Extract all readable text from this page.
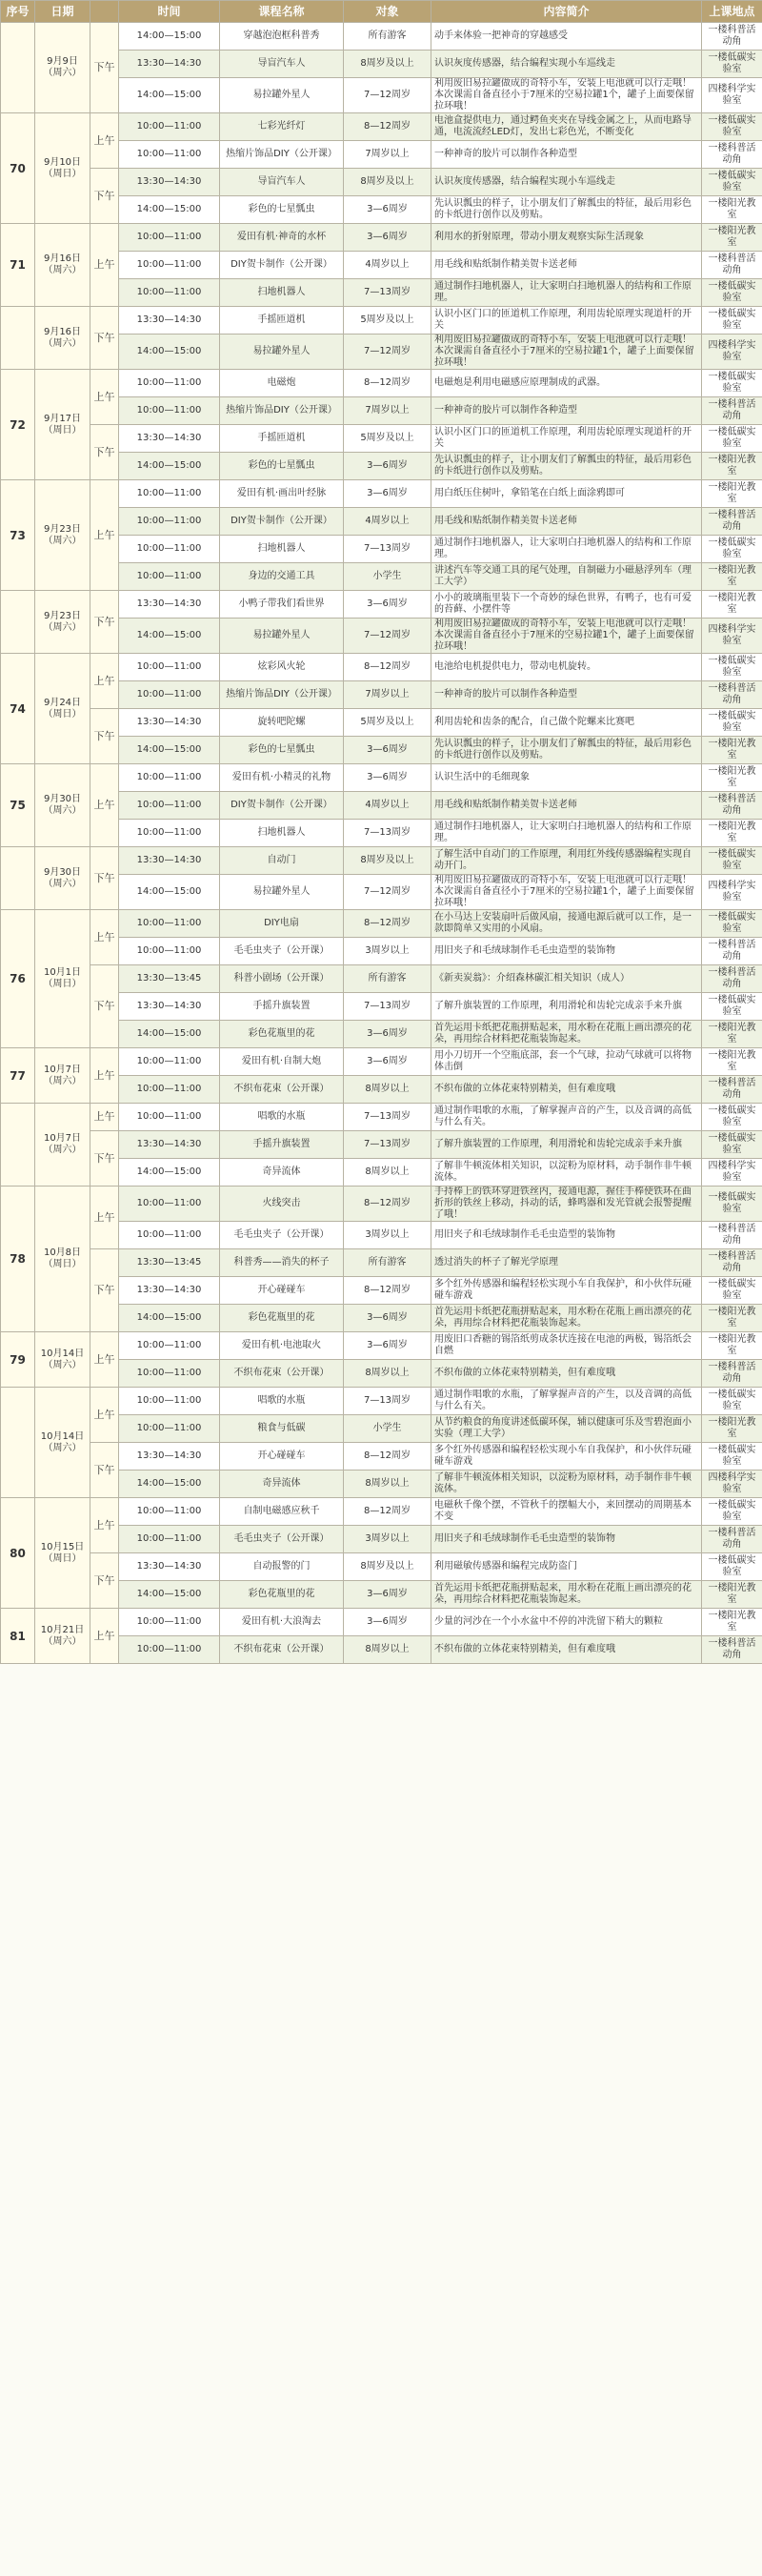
序号	日期		时间	课程名称	对象	内容简介	上课地点
	9月9日（周六）	下午	14:00—15:00	穿越泡泡框科普秀	所有游客	动手来体验一把神奇的穿越感受	一楼科普活动角
			13:30—14:30	导盲汽车人	8周岁及以上	认识灰度传感器，结合编程实现小车巡线走	一楼低碳实验室
			14:00—15:00	易拉罐外星人	7—12周岁	利用废旧易拉罐做成的奇特小车，安装上电池就可以行走哦！本次课需自备直径小于7厘米的空易拉罐1个，罐子上面要保留拉环哦！	四楼科学实验室
70	9月10日（周日）	上午	10:00—11:00	七彩光纤灯	8—12周岁	电池盒提供电力，通过鳄鱼夹夹在导线金属之上，从而电路导通，电流流经LED灯，发出七彩色光，不断变化	一楼低碳实验室
			10:00—11:00	热缩片饰品DIY（公开课）	7周岁以上	一种神奇的胶片可以制作各种造型	一楼科普活动角
		下午	13:30—14:30	导盲汽车人	8周岁及以上	认识灰度传感器，结合编程实现小车巡线走	一楼低碳实验室
			14:00—15:00	彩色的七星瓢虫	3—6周岁	先认识瓢虫的样子，让小朋友们了解瓢虫的特征，最后用彩色的卡纸进行创作以及剪贴。	一楼阳光教室
71	9月16日（周六）	上午	10:00—11:00	爱田有机·神奇的水杯	3—6周岁	利用水的折射原理，带动小朋友观察实际生活现象	一楼阳光教室
			10:00—11:00	DIY贺卡制作（公开课）	4周岁以上	用毛线和贴纸制作精美贺卡送老师	一楼科普活动角
			10:00—11:00	扫地机器人	7—13周岁	通过制作扫地机器人，让大家明白扫地机器人的结构和工作原理。	一楼低碳实验室
	9月16日（周六）	下午	13:30—14:30	手摇匝道机	5周岁及以上	认识小区门口的匝道机工作原理，利用齿轮原理实现道杆的开关	一楼低碳实验室
			14:00—15:00	易拉罐外星人	7—12周岁	利用废旧易拉罐做成的奇特小车，安装上电池就可以行走哦！本次课需自备直径小于7厘米的空易拉罐1个，罐子上面要保留拉环哦！	四楼科学实验室
72	9月17日（周日）	上午	10:00—11:00	电磁炮	8—12周岁	电磁炮是利用电磁感应原理制成的武器。	一楼低碳实验室
			10:00—11:00	热缩片饰品DIY（公开课）	7周岁以上	一种神奇的胶片可以制作各种造型	一楼科普活动角
		下午	13:30—14:30	手摇匝道机	5周岁及以上	认识小区门口的匝道机工作原理，利用齿轮原理实现道杆的开关	一楼低碳实验室
			14:00—15:00	彩色的七星瓢虫	3—6周岁	先认识瓢虫的样子，让小朋友们了解瓢虫的特征，最后用彩色的卡纸进行创作以及剪贴。	一楼阳光教室
73	9月23日（周六）	上午	10:00—11:00	爱田有机·画出叶经脉	3—6周岁	用白纸压住树叶，拿铅笔在白纸上面涂鸦即可	一楼阳光教室
			10:00—11:00	DIY贺卡制作（公开课）	4周岁以上	用毛线和贴纸制作精美贺卡送老师	一楼科普活动角
			10:00—11:00	扫地机器人	7—13周岁	通过制作扫地机器人，让大家明白扫地机器人的结构和工作原理。	一楼低碳实验室
			10:00—11:00	身边的交通工具	小学生	讲述汽车等交通工具的尾气处理，自制磁力小磁悬浮列车（理工大学）	一楼阳光教室
	9月23日（周六）	下午	13:30—14:30	小鸭子带我们看世界	3—6周岁	小小的玻璃瓶里装下一个奇妙的绿色世界，有鸭子，也有可爱的苔藓、小摆件等	一楼阳光教室
			14:00—15:00	易拉罐外星人	7—12周岁	利用废旧易拉罐做成的奇特小车，安装上电池就可以行走哦！本次课需自备直径小于7厘米的空易拉罐1个，罐子上面要保留拉环哦！	四楼科学实验室
74	9月24日（周日）	上午	10:00—11:00	炫彩风火轮	8—12周岁	电池给电机提供电力，带动电机旋转。	一楼低碳实验室
			10:00—11:00	热缩片饰品DIY（公开课）	7周岁以上	一种神奇的胶片可以制作各种造型	一楼科普活动角
		下午	13:30—14:30	旋转吧陀螺	5周岁及以上	利用齿轮和齿条的配合，自己做个陀螺来比赛吧	一楼低碳实验室
			14:00—15:00	彩色的七星瓢虫	3—6周岁	先认识瓢虫的样子，让小朋友们了解瓢虫的特征，最后用彩色的卡纸进行创作以及剪贴。	一楼阳光教室
75	9月30日（周六）	上午	10:00—11:00	爱田有机·小精灵的礼物	3—6周岁	认识生活中的毛细现象	一楼阳光教室
			10:00—11:00	DIY贺卡制作（公开课）	4周岁以上	用毛线和贴纸制作精美贺卡送老师	一楼科普活动角
			10:00—11:00	扫地机器人	7—13周岁	通过制作扫地机器人，让大家明白扫地机器人的结构和工作原理。	一楼阳光教室
	9月30日（周六）	下午	13:30—14:30	自动门	8周岁及以上	了解生活中自动门的工作原理，利用红外线传感器编程实现自动开门。	一楼低碳实验室
			14:00—15:00	易拉罐外星人	7—12周岁	利用废旧易拉罐做成的奇特小车，安装上电池就可以行走哦！本次课需自备直径小于7厘米的空易拉罐1个，罐子上面要保留拉环哦！	四楼科学实验室
76	10月1日（周日）	上午	10:00—11:00	DIY电扇	8—12周岁	在小马达上安装扇叶后做风扇，接通电源后就可以工作，是一款即简单又实用的小风扇。	一楼低碳实验室
			10:00—11:00	毛毛虫夹子（公开课）	3周岁以上	用旧夹子和毛绒球制作毛毛虫造型的装饰物	一楼科普活动角
		下午	13:30—13:45	科普小剧场（公开课）	所有游客	《新卖炭翁》：介绍森林碳汇相关知识（成人）	一楼科普活动角
			13:30—14:30	手摇升旗装置	7—13周岁	了解升旗装置的工作原理，利用滑轮和齿轮完成亲手来升旗	一楼低碳实验室
			14:00—15:00	彩色花瓶里的花	3—6周岁	首先运用卡纸把花瓶拼贴起来，用水粉在花瓶上画出漂亮的花朵，再用综合材料把花瓶装饰起来。	一楼阳光教室
77	10月7日（周六）	上午	10:00—11:00	爱田有机·自制大炮	3—6周岁	用小刀切开一个空瓶底部，套一个气球，拉动气球就可以将物体击倒	一楼阳光教室
			10:00—11:00	不织布花束（公开课）	8周岁以上	不织布做的立体花束特别精美，但有难度哦	一楼科普活动角
	10月7日（周六）	上午	10:00—11:00	唱歌的水瓶	7—13周岁	通过制作唱歌的水瓶，了解掌握声音的产生，以及音调的高低与什么有关。	一楼低碳实验室
		下午	13:30—14:30	手摇升旗装置	7—13周岁	了解升旗装置的工作原理，利用滑轮和齿轮完成亲手来升旗	一楼低碳实验室
			14:00—15:00	奇异流体	8周岁以上	了解非牛顿流体相关知识，以淀粉为原材料，动手制作非牛顿流体。	四楼科学实验室
78	10月8日（周日）	上午	10:00—11:00	火线突击	8—12周岁	手持棒上的铁环穿进铁丝内，接通电源，握住手棒使铁环在曲折形的铁丝上移动，抖动的话，蜂鸣器和发光管就会报警提醒了哦！	一楼低碳实验室
			10:00—11:00	毛毛虫夹子（公开课）	3周岁以上	用旧夹子和毛绒球制作毛毛虫造型的装饰物	一楼科普活动角
		下午	13:30—13:45	科普秀——消失的杯子	所有游客	透过消失的杯子了解光学原理	一楼科普活动角
			13:30—14:30	开心碰碰车	8—12周岁	多个红外传感器和编程轻松实现小车自我保护，和小伙伴玩碰碰车游戏	一楼低碳实验室
			14:00—15:00	彩色花瓶里的花	3—6周岁	首先运用卡纸把花瓶拼贴起来，用水粉在花瓶上画出漂亮的花朵，再用综合材料把花瓶装饰起来。	一楼阳光教室
79	10月14日（周六）	上午	10:00—11:00	爱田有机·电池取火	3—6周岁	用废旧口香糖的锡箔纸剪成条状连接在电池的两极，锡箔纸会自燃	一楼阳光教室
			10:00—11:00	不织布花束（公开课）	8周岁以上	不织布做的立体花束特别精美，但有难度哦	一楼科普活动角
	10月14日（周六）	上午	10:00—11:00	唱歌的水瓶	7—13周岁	通过制作唱歌的水瓶，了解掌握声音的产生，以及音调的高低与什么有关。	一楼低碳实验室
			10:00—11:00	粮食与低碳	小学生	从节约粮食的角度讲述低碳环保，辅以健康可乐及雪碧泡面小实验（理工大学）	一楼阳光教室
		下午	13:30—14:30	开心碰碰车	8—12周岁	多个红外传感器和编程轻松实现小车自我保护，和小伙伴玩碰碰车游戏	一楼低碳实验室
			14:00—15:00	奇异流体	8周岁以上	了解非牛顿流体相关知识，以淀粉为原材料，动手制作非牛顿流体。	四楼科学实验室
80	10月15日（周日）	上午	10:00—11:00	自制电磁感应秋千	8—12周岁	电磁秋千像个摆，不管秋千的摆幅大小，来回摆动的周期基本不变	一楼低碳实验室
			10:00—11:00	毛毛虫夹子（公开课）	3周岁以上	用旧夹子和毛绒球制作毛毛虫造型的装饰物	一楼科普活动角
		下午	13:30—14:30	自动报警的门	8周岁及以上	利用磁敏传感器和编程完成防盗门	一楼低碳实验室
			14:00—15:00	彩色花瓶里的花	3—6周岁	首先运用卡纸把花瓶拼贴起来，用水粉在花瓶上画出漂亮的花朵，再用综合材料把花瓶装饰起来。	一楼阳光教室
81	10月21日（周六）	上午	10:00—11:00	爱田有机·大浪淘去	3—6周岁	少量的河沙在一个小水盆中不停的冲洗留下稍大的颗粒	一楼阳光教室
			10:00—11:00	不织布花束（公开课）	8周岁以上	不织布做的立体花束特别精美，但有难度哦	一楼科普活动角
